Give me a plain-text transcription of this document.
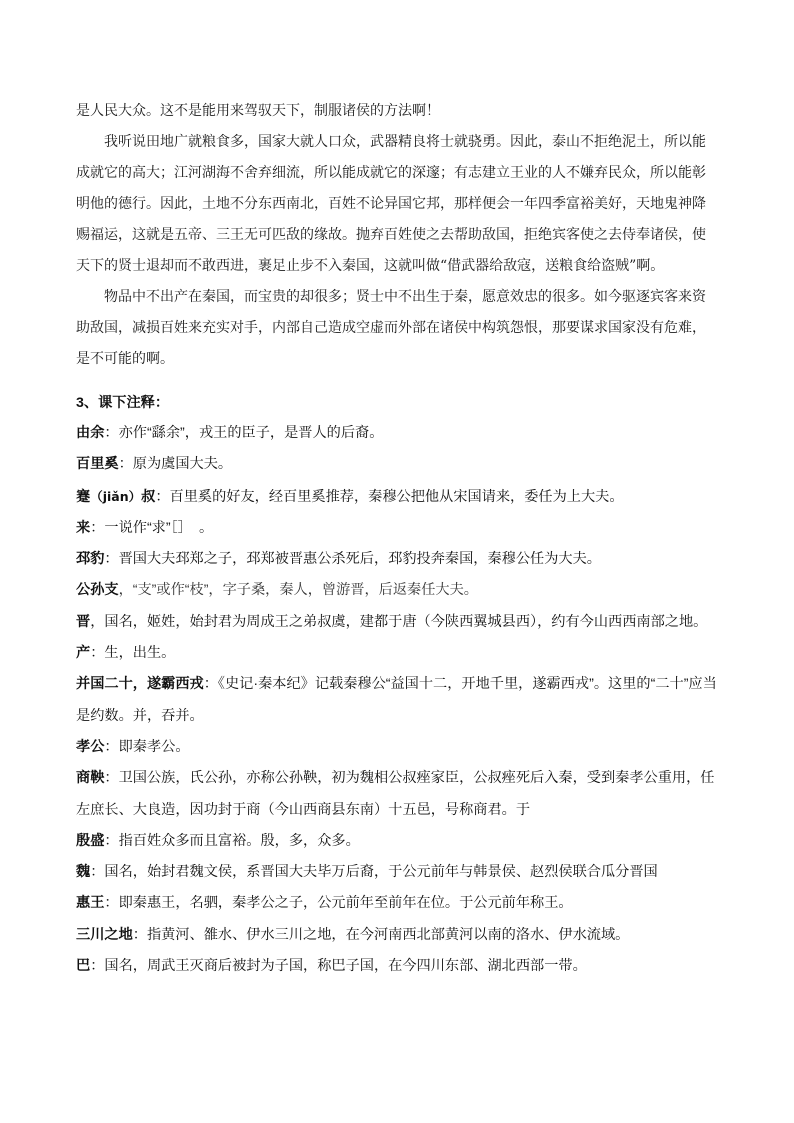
是人民大众。这不是能用来驾驭天下，制服诸侯的方法啊！

我听说田地广就粮食多，国家大就人口众，武器精良将士就骁勇。因此，泰山不拒绝泥土，所以能成就它的高大；江河湖海不舍弃细流，所以能成就它的深邃；有志建立王业的人不嫌弃民众，所以能彰明他的德行。因此，土地不分东西南北，百姓不论异国它邦，那样便会一年四季富裕美好，天地鬼神降赐福运，这就是五帝、三王无可匹敌的缘故。抛弃百姓使之去帮助敌国，拒绝宾客使之去侍奉诸侯，使天下的贤士退却而不敢西进，裹足止步不入秦国，这就叫做“借武器给敌寇，送粮食给盗贼”啊。

物品中不出产在秦国，而宝贵的却很多；贤士中不出生于秦，愿意效忠的很多。如今驱逐宾客来资助敌国，减损百姓来充实对手，内部自己造成空虚而外部在诸侯中构筑怨恨，那要谋求国家没有危难，是不可能的啊。

3、课下注释：

由余：亦作“繇余”，戎王的臣子，是晋人的后裔。

百里奚：原为虞国大夫。

蹇（jiǎn）叔：百里奚的好友，经百里奚推荐，秦穆公把他从宋国请来，委任为上大夫。

来：一说作“求”［］　。

邳豹：晋国大夫邳郑之子，邳郑被晋惠公杀死后，邳豹投奔秦国，秦穆公任为大夫。

公孙支，“支”或作“枝”，字子桑，秦人，曾游晋，后返秦任大夫。

晋，国名，姬姓，始封君为周成王之弟叔虞，建都于唐（今陕西翼城县西），约有今山西西南部之地。

产：生，出生。

并国二十，遂霸西戎：《史记·秦本纪》记载秦穆公“益国十二，开地千里，遂霸西戎”。这里的“二十”应当是约数。并，吞并。

孝公：即秦孝公。

商鞅：卫国公族，氏公孙，亦称公孙鞅，初为魏相公叔痤家臣，公叔痤死后入秦，受到秦孝公重用，任左庶长、大良造，因功封于商（今山西商县东南）十五邑，号称商君。于

殷盛：指百姓众多而且富裕。殷，多，众多。

魏：国名，始封君魏文侯，系晋国大夫毕万后裔，于公元前年与韩景侯、赵烈侯联合瓜分晋国

惠王：即秦惠王，名驷，秦孝公之子，公元前年至前年在位。于公元前年称王。

三川之地：指黄河、雒水、伊水三川之地，在今河南西北部黄河以南的洛水、伊水流域。

巴：国名，周武王灭商后被封为子国，称巴子国，在今四川东部、湖北西部一带。
